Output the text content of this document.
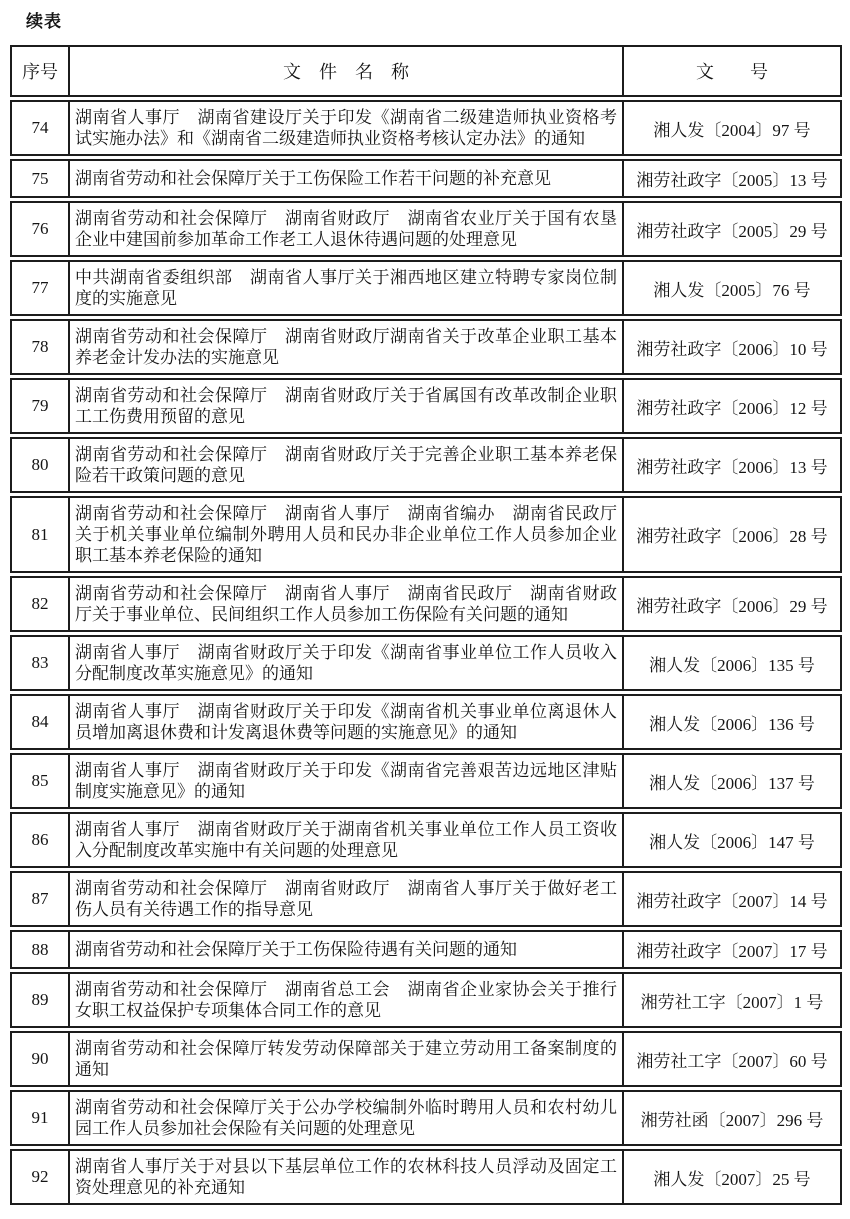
续表
序号	文　件　名　称	文　　号
74	湖南省人事厅　湖南省建设厅关于印发《湖南省二级建造师执业资格考试实施办法》和《湖南省二级建造师执业资格考核认定办法》的通知	湘人发〔2004〕97 号
75	湖南省劳动和社会保障厅关于工伤保险工作若干问题的补充意见	湘劳社政字〔2005〕13 号
76	湖南省劳动和社会保障厅　湖南省财政厅　湖南省农业厅关于国有农垦企业中建国前参加革命工作老工人退休待遇问题的处理意见	湘劳社政字〔2005〕29 号
77	中共湖南省委组织部　湖南省人事厅关于湘西地区建立特聘专家岗位制度的实施意见	湘人发〔2005〕76 号
78	湖南省劳动和社会保障厅　湖南省财政厅湖南省关于改革企业职工基本养老金计发办法的实施意见	湘劳社政字〔2006〕10 号
79	湖南省劳动和社会保障厅　湖南省财政厅关于省属国有改革改制企业职工工伤费用预留的意见	湘劳社政字〔2006〕12 号
80	湖南省劳动和社会保障厅　湖南省财政厅关于完善企业职工基本养老保险若干政策问题的意见	湘劳社政字〔2006〕13 号
81	湖南省劳动和社会保障厅　湖南省人事厅　湖南省编办　湖南省民政厅关于机关事业单位编制外聘用人员和民办非企业单位工作人员参加企业职工基本养老保险的通知	湘劳社政字〔2006〕28 号
82	湖南省劳动和社会保障厅　湖南省人事厅　湖南省民政厅　湖南省财政厅关于事业单位、民间组织工作人员参加工伤保险有关问题的通知	湘劳社政字〔2006〕29 号
83	湖南省人事厅　湖南省财政厅关于印发《湖南省事业单位工作人员收入分配制度改革实施意见》的通知	湘人发〔2006〕135 号
84	湖南省人事厅　湖南省财政厅关于印发《湖南省机关事业单位离退休人员增加离退休费和计发离退休费等问题的实施意见》的通知	湘人发〔2006〕136 号
85	湖南省人事厅　湖南省财政厅关于印发《湖南省完善艰苦边远地区津贴制度实施意见》的通知	湘人发〔2006〕137 号
86	湖南省人事厅　湖南省财政厅关于湖南省机关事业单位工作人员工资收入分配制度改革实施中有关问题的处理意见	湘人发〔2006〕147 号
87	湖南省劳动和社会保障厅　湖南省财政厅　湖南省人事厅关于做好老工伤人员有关待遇工作的指导意见	湘劳社政字〔2007〕14 号
88	湖南省劳动和社会保障厅关于工伤保险待遇有关问题的通知	湘劳社政字〔2007〕17 号
89	湖南省劳动和社会保障厅　湖南省总工会　湖南省企业家协会关于推行女职工权益保护专项集体合同工作的意见	湘劳社工字〔2007〕1 号
90	湖南省劳动和社会保障厅转发劳动保障部关于建立劳动用工备案制度的通知	湘劳社工字〔2007〕60 号
91	湖南省劳动和社会保障厅关于公办学校编制外临时聘用人员和农村幼儿园工作人员参加社会保险有关问题的处理意见	湘劳社函〔2007〕296 号
92	湖南省人事厅关于对县以下基层单位工作的农林科技人员浮动及固定工资处理意见的补充通知	湘人发〔2007〕25 号
